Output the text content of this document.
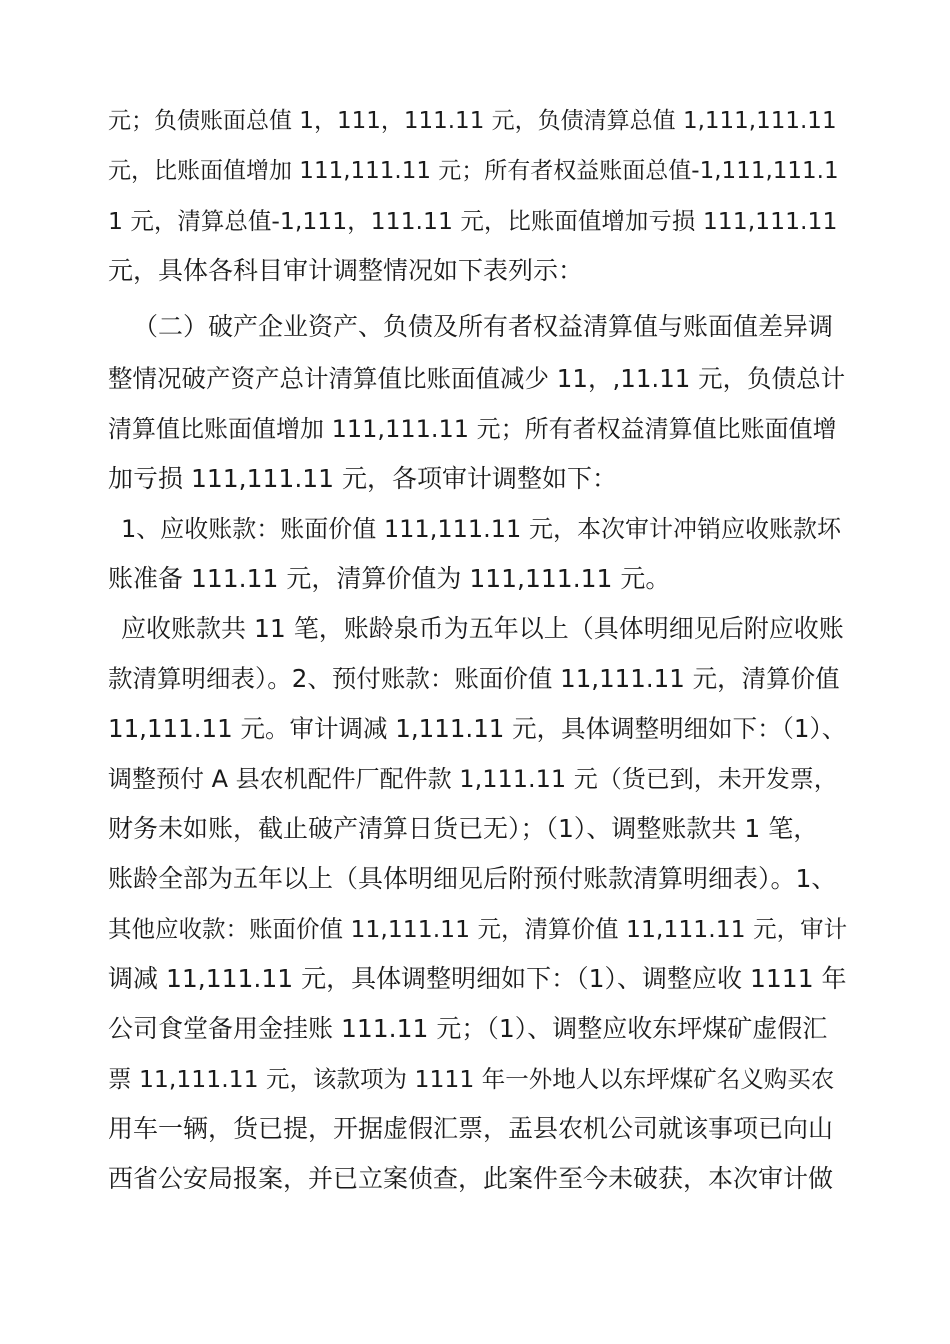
元；负债账面总值 1，111，111.11 元，负债清算总值 1,111,111.11

元，比账面值增加 111,111.11 元；所有者权益账面总值-1,111,111.1

1 元，清算总值-1,111，111.11 元，比账面值增加亏损 111,111.11

元，具体各科目审计调整情况如下表列示：

（二）破产企业资产、负债及所有者权益清算值与账面值差异调

整情况破产资产总计清算值比账面值减少 11，,11.11 元，负债总计

清算值比账面值增加 111,111.11 元；所有者权益清算值比账面值增

加亏损 111,111.11 元，各项审计调整如下：

1、应收账款：账面价值 111,111.11 元，本次审计冲销应收账款坏

账准备 111.11 元，清算价值为 111,111.11 元。

应收账款共 11 笔，账龄泉币为五年以上（具体明细见后附应收账

款清算明细表）。2、预付账款：账面价值 11,111.11 元，清算价值

11,111.11 元。审计调减 1,111.11 元，具体调整明细如下：（1）、

调整预付 A 县农机配件厂配件款 1,111.11 元（货已到，未开发票，

财务未如账，截止破产清算日货已无）；（1）、调整账款共 1 笔，

账龄全部为五年以上（具体明细见后附预付账款清算明细表）。1、

其他应收款：账面价值 11,111.11 元，清算价值 11,111.11 元，审计

调减 11,111.11 元，具体调整明细如下：（1）、调整应收 1111 年

公司食堂备用金挂账 111.11 元；（1）、调整应收东坪煤矿虚假汇

票 11,111.11 元，该款项为 1111 年一外地人以东坪煤矿名义购买农

用车一辆，货已提，开据虚假汇票，盂县农机公司就该事项已向山

西省公安局报案，并已立案侦查，此案件至今未破获，本次审计做
